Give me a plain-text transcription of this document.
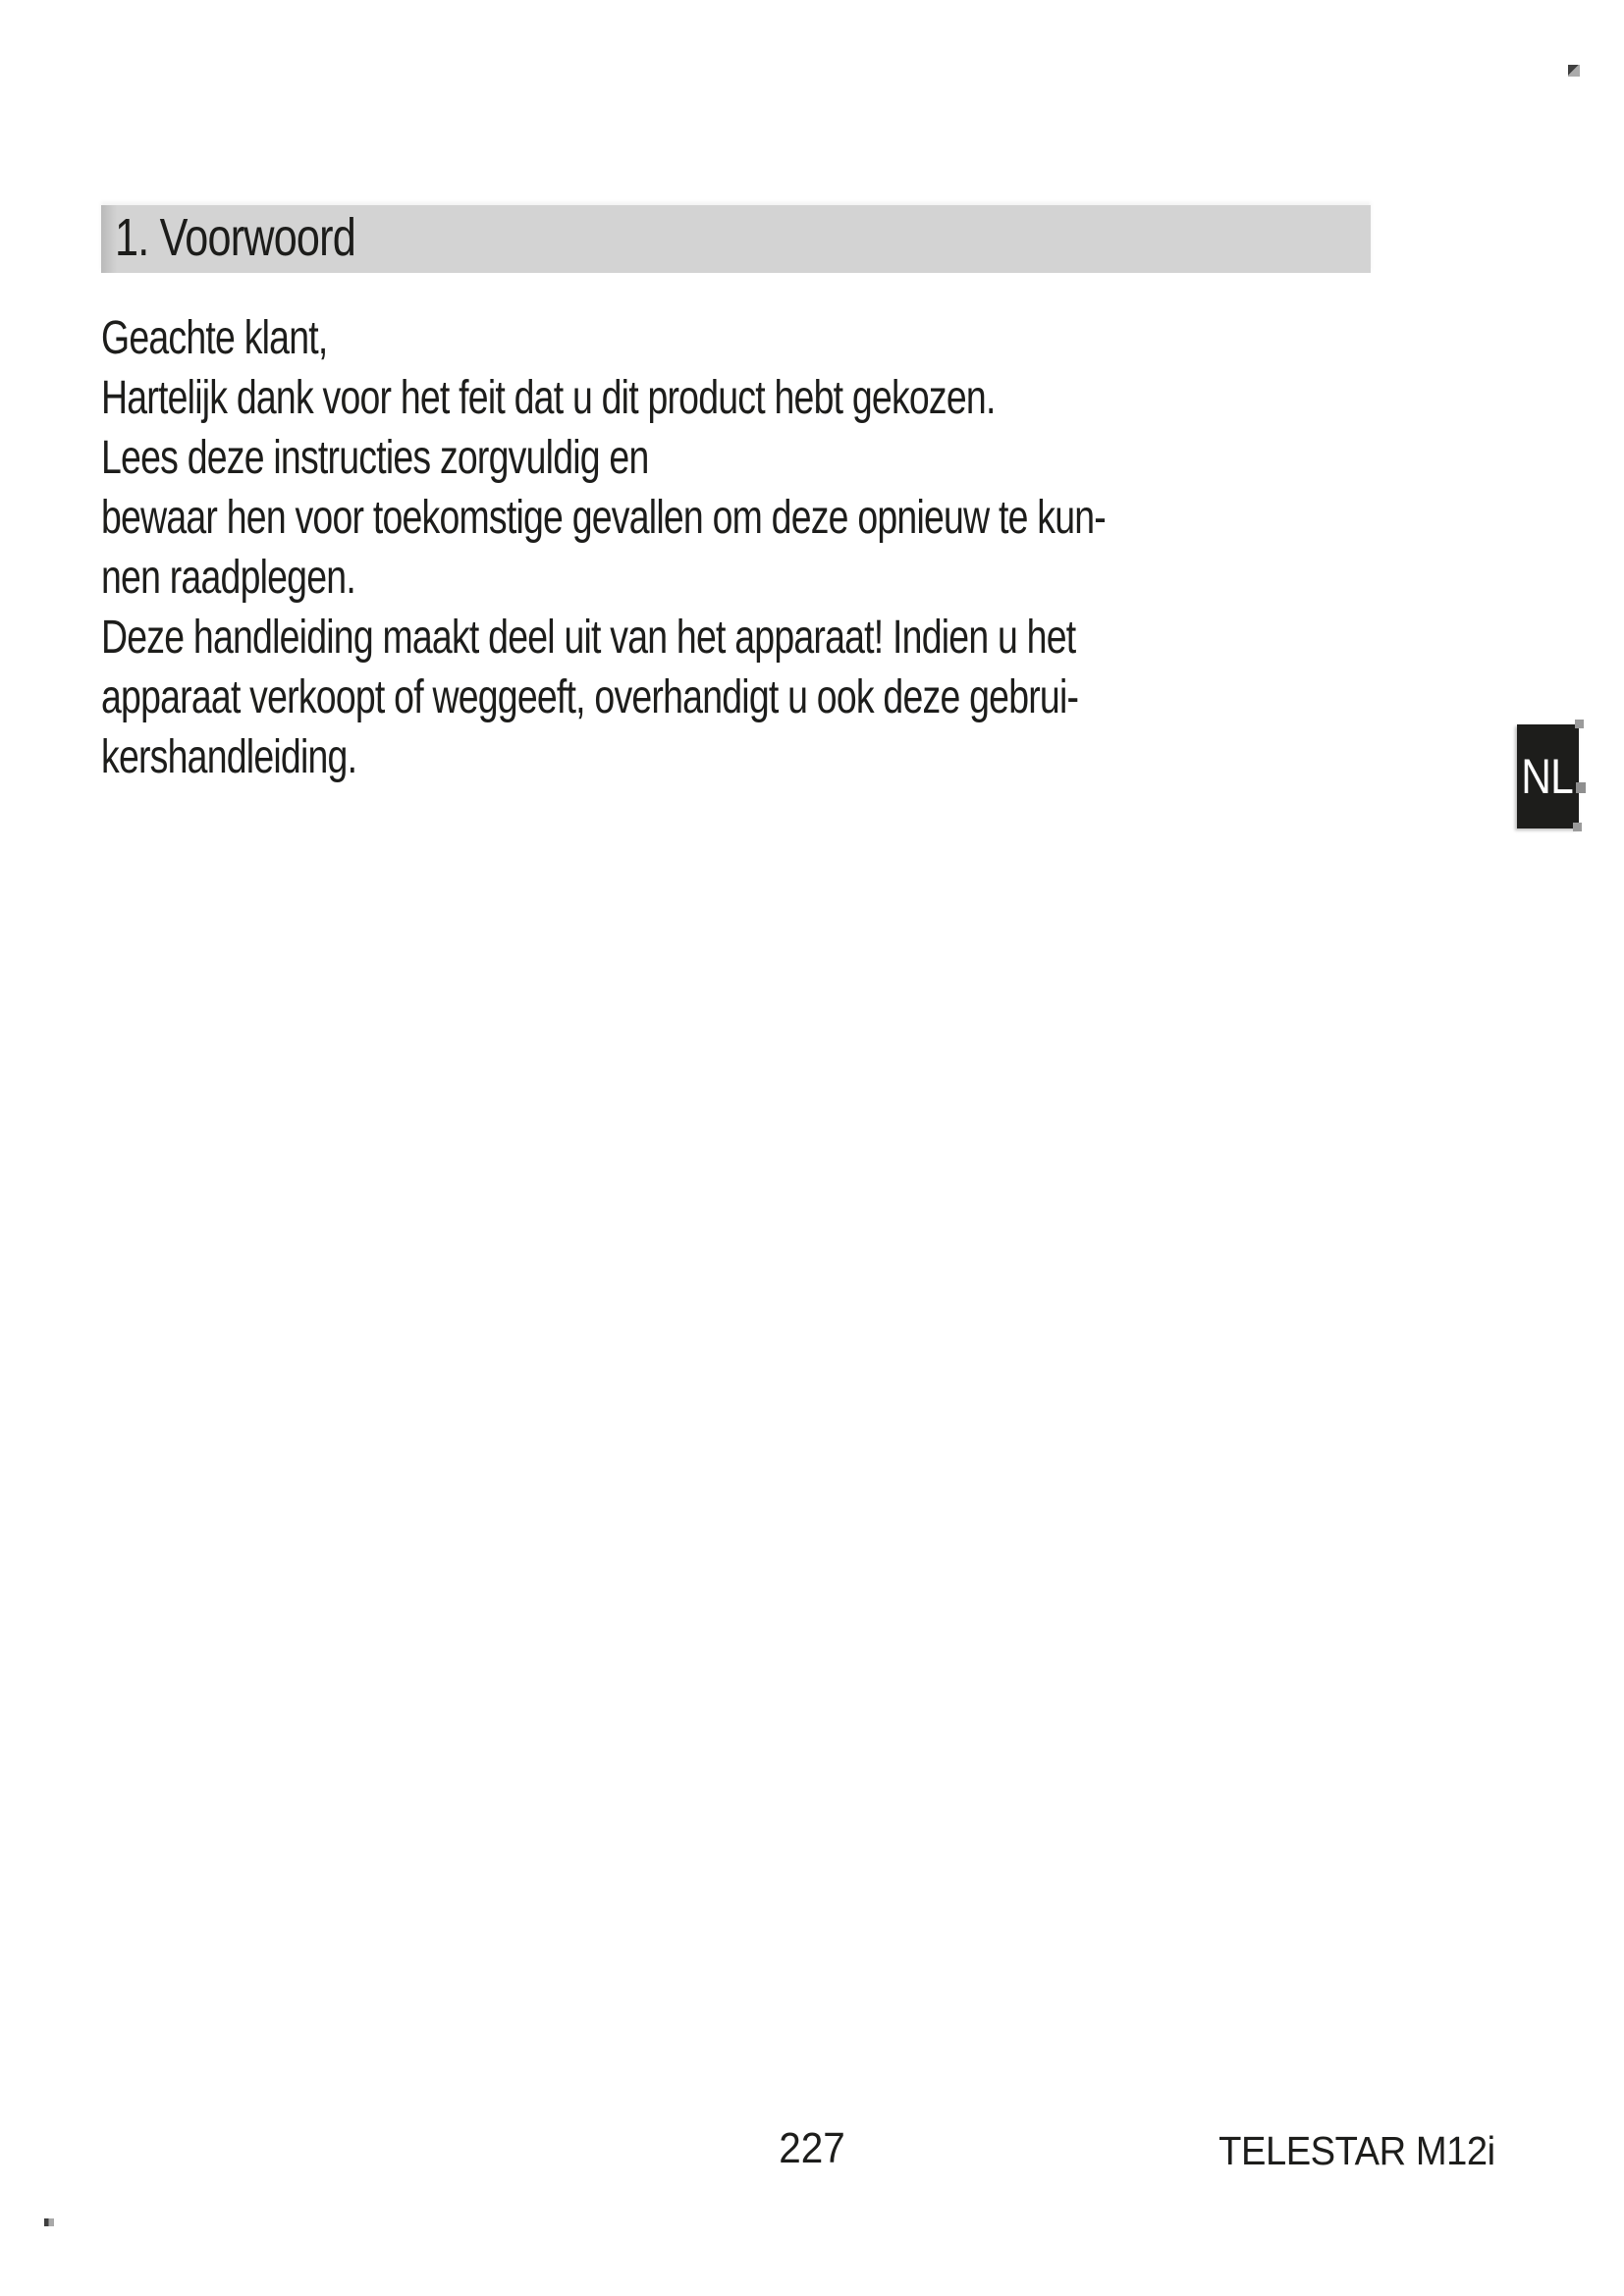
1. Voorwoord
Geachte klant,
Hartelijk dank voor het feit dat u dit product hebt gekozen.
Lees deze instructies zorgvuldig en
bewaar hen voor toekomstige gevallen om deze opnieuw te kun-
nen raadplegen.
Deze handleiding maakt deel uit van het apparaat! Indien u het
apparaat verkoopt of weggeeft, overhandigt u ook deze gebrui-
kershandleiding.	NL
227	TELESTAR M12i
